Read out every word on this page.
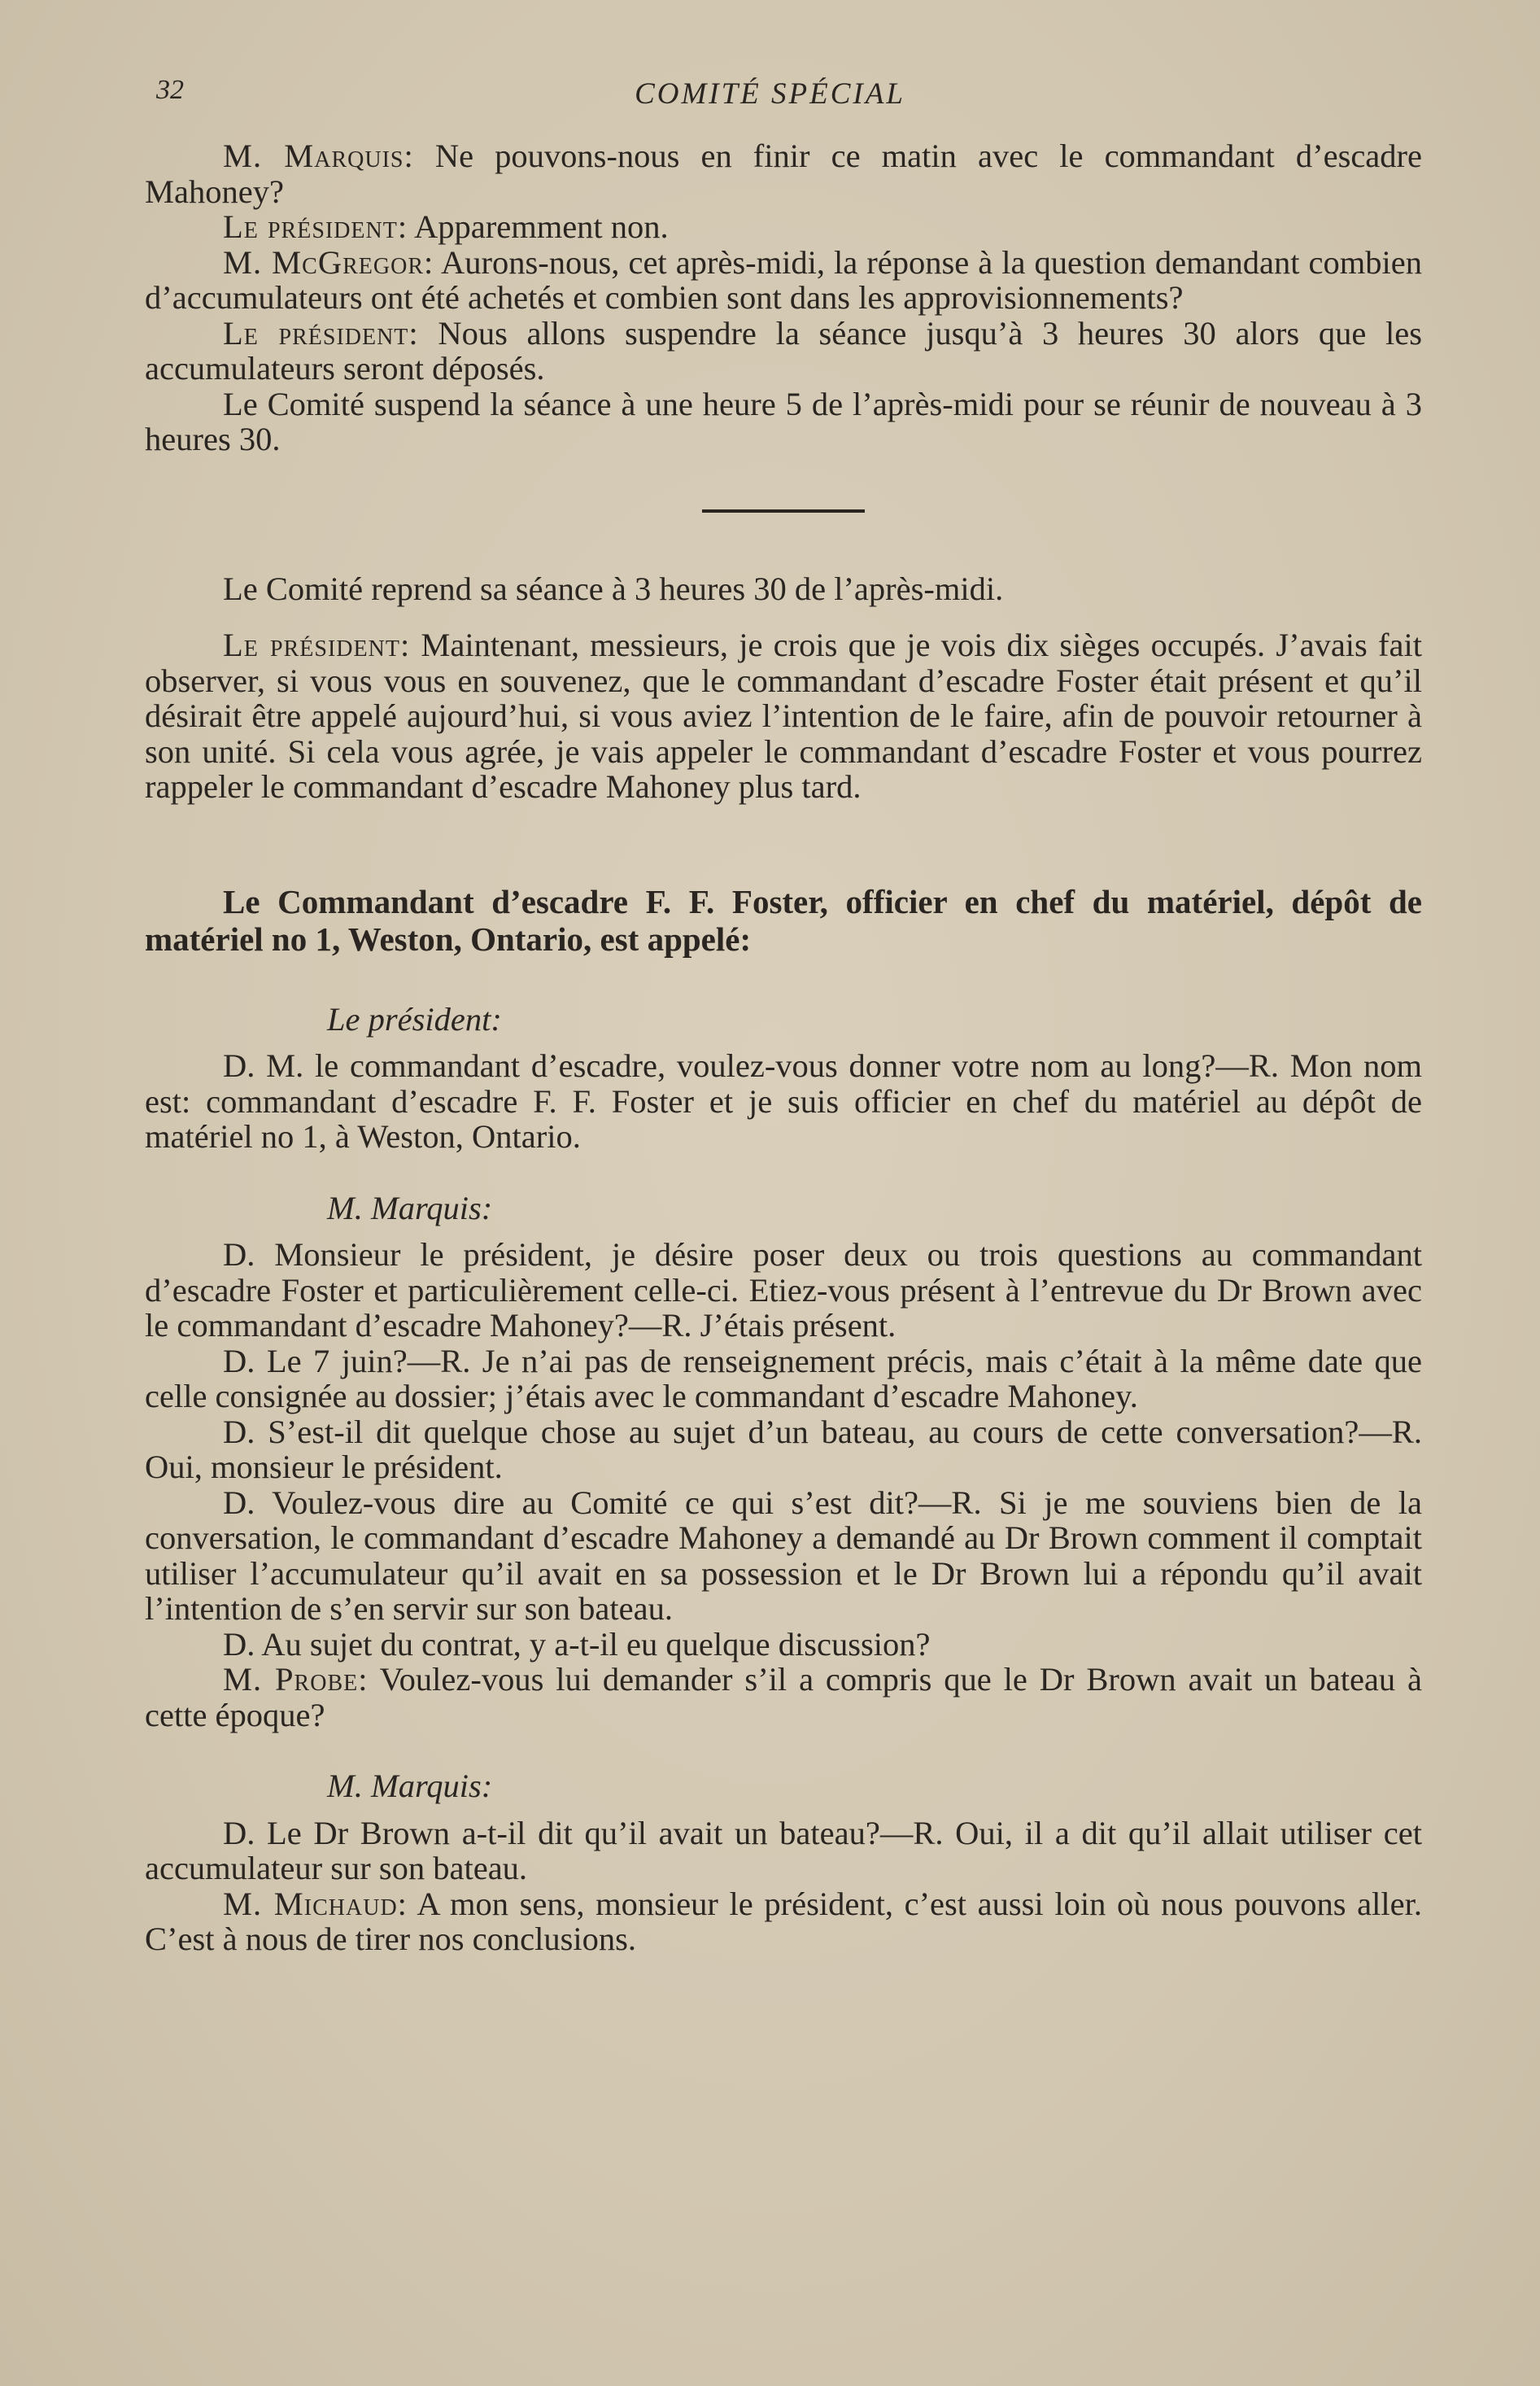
32	COMITÉ SPÉCIAL

M. Marquis: Ne pouvons-nous en finir ce matin avec le commandant d’escadre Mahoney?

Le président: Apparemment non.

M. McGregor: Aurons-nous, cet après-midi, la réponse à la question demandant combien d’accumulateurs ont été achetés et combien sont dans les approvisionnements?

Le président: Nous allons suspendre la séance jusqu’à 3 heures 30 alors que les accumulateurs seront déposés.

Le Comité suspend la séance à une heure 5 de l’après-midi pour se réunir de nouveau à 3 heures 30.

Le Comité reprend sa séance à 3 heures 30 de l’après-midi.

Le président: Maintenant, messieurs, je crois que je vois dix sièges occupés. J’avais fait observer, si vous vous en souvenez, que le commandant d’escadre Foster était présent et qu’il désirait être appelé aujourd’hui, si vous aviez l’intention de le faire, afin de pouvoir retourner à son unité. Si cela vous agrée, je vais appeler le commandant d’escadre Foster et vous pourrez rappeler le commandant d’escadre Mahoney plus tard.

Le Commandant d’escadre F. F. Foster, officier en chef du matériel, dépôt de matériel no 1, Weston, Ontario, est appelé:

Le président:

D. M. le commandant d’escadre, voulez-vous donner votre nom au long?—R. Mon nom est: commandant d’escadre F. F. Foster et je suis officier en chef du matériel au dépôt de matériel no 1, à Weston, Ontario.

M. Marquis:

D. Monsieur le président, je désire poser deux ou trois questions au commandant d’escadre Foster et particulièrement celle-ci. Etiez-vous présent à l’entrevue du Dr Brown avec le commandant d’escadre Mahoney?—R. J’étais présent.

D. Le 7 juin?—R. Je n’ai pas de renseignement précis, mais c’était à la même date que celle consignée au dossier; j’étais avec le commandant d’escadre Mahoney.

D. S’est-il dit quelque chose au sujet d’un bateau, au cours de cette conversation?—R. Oui, monsieur le président.

D. Voulez-vous dire au Comité ce qui s’est dit?—R. Si je me souviens bien de la conversation, le commandant d’escadre Mahoney a demandé au Dr Brown comment il comptait utiliser l’accumulateur qu’il avait en sa possession et le Dr Brown lui a répondu qu’il avait l’intention de s’en servir sur son bateau.

D. Au sujet du contrat, y a-t-il eu quelque discussion?

M. Probe: Voulez-vous lui demander s’il a compris que le Dr Brown avait un bateau à cette époque?

M. Marquis:

D. Le Dr Brown a-t-il dit qu’il avait un bateau?—R. Oui, il a dit qu’il allait utiliser cet accumulateur sur son bateau.

M. Michaud: A mon sens, monsieur le président, c’est aussi loin où nous pouvons aller. C’est à nous de tirer nos conclusions.
